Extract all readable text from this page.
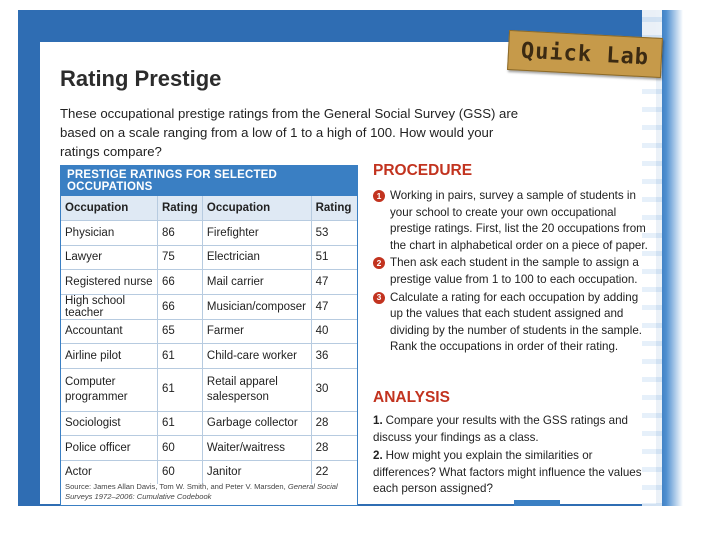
Quick Lab
Rating Prestige
These occupational prestige ratings from the General Social Survey (GSS) are based on a scale ranging from a low of 1 to a high of 100. How would your ratings compare?
PRESTIGE RATINGS FOR SELECTED OCCUPATIONS
Occupation	Rating	Occupation	Rating
Physician	86	Firefighter	53
Lawyer	75	Electrician	51
Registered nurse	66	Mail carrier	47
High school teacher	66	Musician/composer	47
Accountant	65	Farmer	40
Airline pilot	61	Child-care worker	36
Computer programmer	61	Retail apparel salesperson	30
Sociologist	61	Garbage collector	28
Police officer	60	Waiter/waitress	28
Actor	60	Janitor	22
Source: James Allan Davis, Tom W. Smith, and Peter V. Marsden, General Social Surveys 1972–2006: Cumulative Codebook
PROCEDURE
1 Working in pairs, survey a sample of students in your school to create your own occupational prestige ratings. First, list the 20 occupations from the chart in alphabetical order on a piece of paper.
2 Then ask each student in the sample to assign a prestige value from 1 to 100 to each occupation.
3 Calculate a rating for each occupation by adding up the values that each student assigned and dividing by the number of students in the sample. Rank the occupations in order of their rating.
ANALYSIS
1. Compare your results with the GSS ratings and discuss your findings as a class.
2. How might you explain the similarities or differences? What factors might influence the values each person assigned?
